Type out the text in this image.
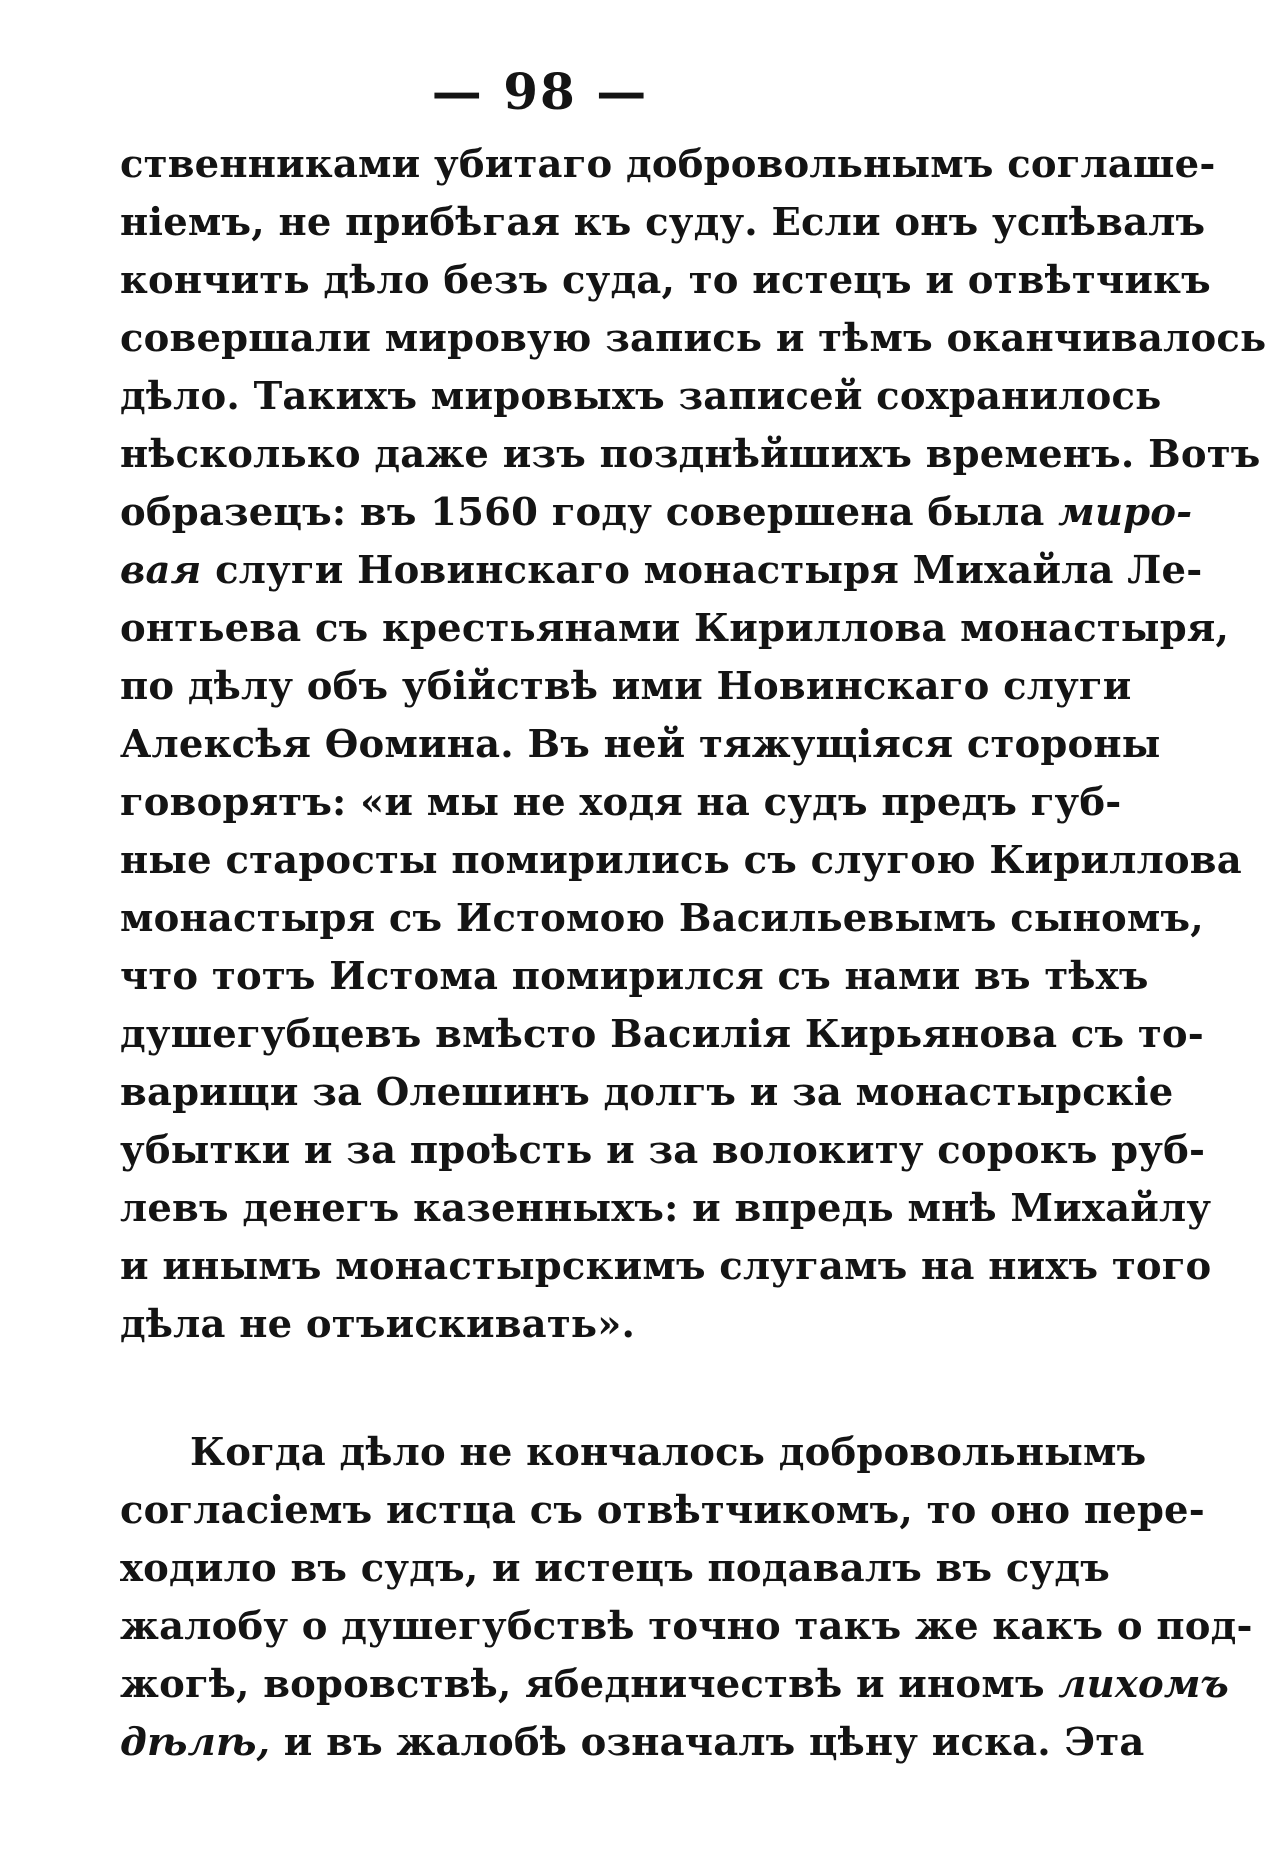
— 98 —
ственниками убитаго добровольнымъ соглаше-
ніемъ, не прибѣгая къ суду. Если онъ успѣвалъ
кончить дѣло безъ суда, то истецъ и отвѣтчикъ
совершали мировую запись и тѣмъ оканчивалось
дѣло. Такихъ мировыхъ записей сохранилось
нѣсколько даже изъ позднѣйшихъ временъ. Вотъ
образецъ: въ 1560 году совершена была миро-
вая слуги Новинскаго монастыря Михайла Ле-
онтьева съ крестьянами Кириллова монастыря,
по дѣлу объ убійствѣ ими Новинскаго слуги
Алексѣя Ѳомина. Въ ней тяжущіяся стороны
говорятъ: «и мы не ходя на судъ предъ губ-
ные старосты помирились съ слугою Кириллова
монастыря съ Истомою Васильевымъ сыномъ,
что тотъ Истома помирился съ нами въ тѣхъ
душегубцевъ вмѣсто Василія Кирьянова съ то-
варищи за Олешинъ долгъ и за монастырскіе
убытки и за проѣсть и за волокиту сорокъ руб-
левъ денегъ казенныхъ: и впредь мнѣ Михайлу
и инымъ монастырскимъ слугамъ на нихъ того
дѣла не отъискивать».
Когда дѣло не кончалось добровольнымъ
согласіемъ истца съ отвѣтчикомъ, то оно пере-
ходило въ судъ, и истецъ подавалъ въ судъ
жалобу о душегубствѣ точно такъ же какъ о под-
жогѣ, воровствѣ, ябедничествѣ и иномъ лихомъ
дѣлѣ, и въ жалобѣ означалъ цѣну иска. Эта
